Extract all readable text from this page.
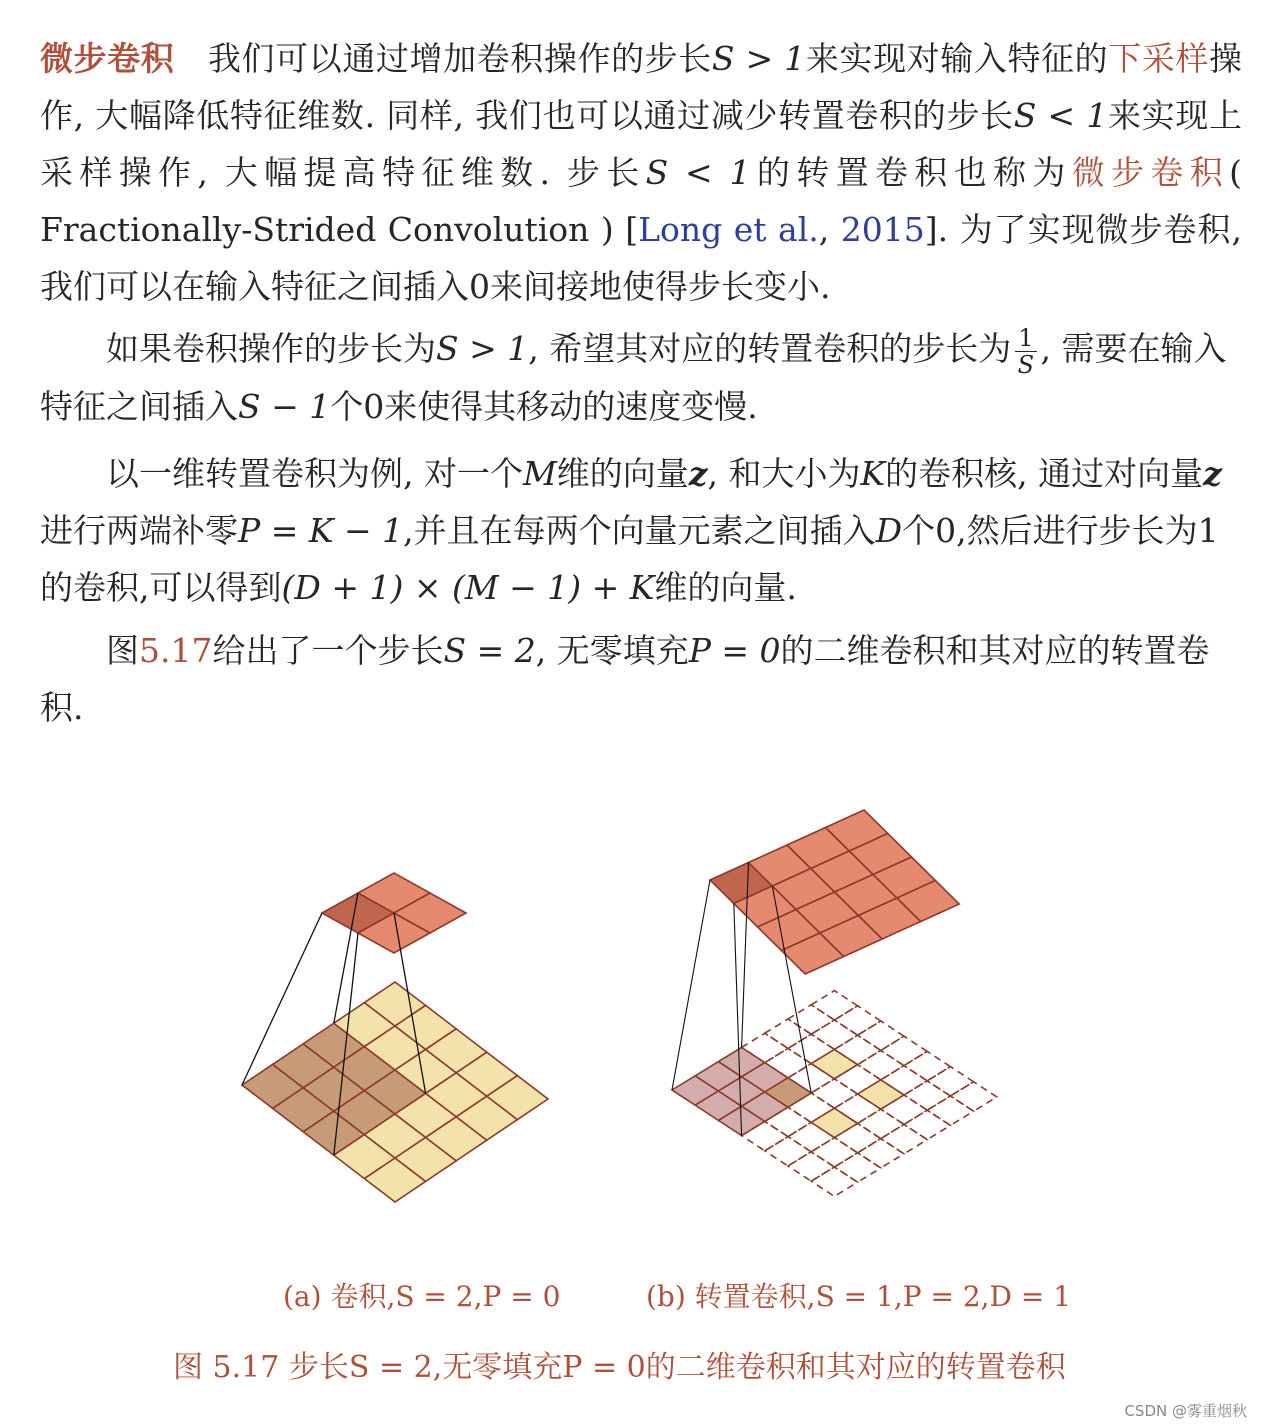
微步卷积　 我们可以通过增加卷积操作的步长S > 1来实现对输入特征的下采样操作, 大幅降低特征维数. 同样, 我们也可以通过减少转置卷积的步长S < 1来实现上采样操作, 大幅提高特征维数. 步长S < 1的转置卷积也称为微步卷积( Fractionally-Strided Convolution ) [Long et al., 2015]. 为了实现微步卷积, 我们可以在输入特征之间插入0来间接地使得步长变小.

如果卷积操作的步长为S > 1, 希望其对应的转置卷积的步长为 $\frac{1}{S}$ , 需要在输入特征之间插入S − 1个0来使得其移动的速度变慢.

以一维转置卷积为例, 对一个M维的向量z, 和大小为K的卷积核, 通过对向量z进行两端补零P = K − 1,并且在每两个向量元素之间插入D个0,然后进行步长为1的卷积,可以得到(D + 1) × (M − 1) + K维的向量.

图5.17给出了一个步长S = 2, 无零填充P = 0的二维卷积和其对应的转置卷积.

(a) 卷积,S = 2,P = 0	(b) 转置卷积,S = 1,P = 2,D = 1
图 5.17 步长S = 2,无零填充P = 0的二维卷积和其对应的转置卷积
CSDN @雾重烟秋
